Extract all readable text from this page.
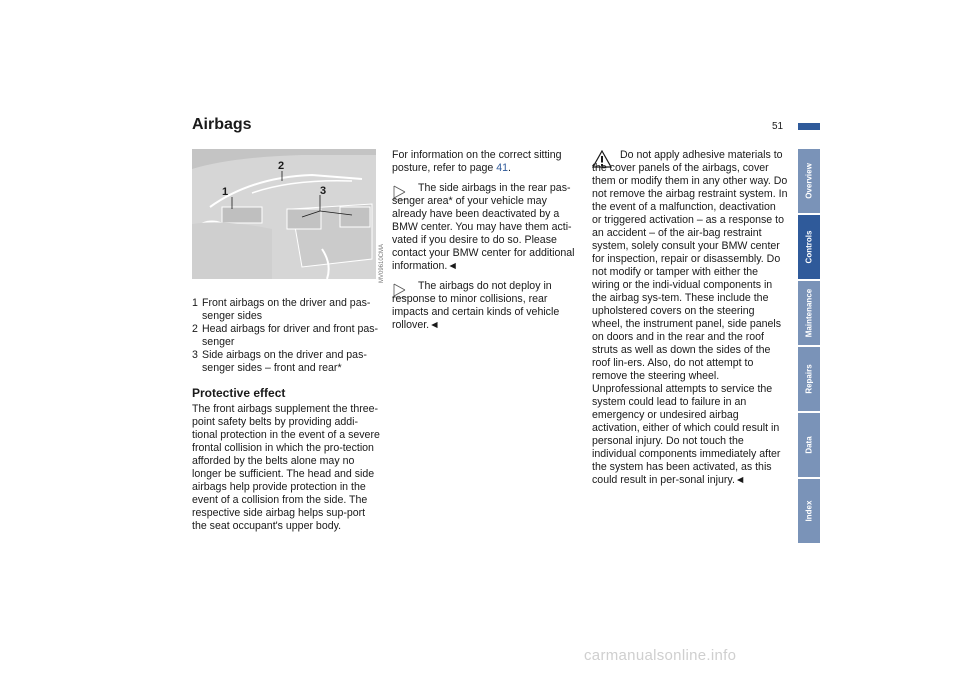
Airbags	51
1
2
3
MV09610CMA
1 Front airbags on the driver and pas-senger sides
2 Head airbags for driver and front pas-senger
3 Side airbags on the driver and pas-senger sides – front and rear*
Protective effect
The front airbags supplement the three-point safety belts by providing addi-tional protection in the event of a severe frontal collision in which the pro-tection afforded by the belts alone may no longer be sufficient. The head and side airbags help provide protection in the event of a collision from the side. The respective side airbag helps sup-port the seat occupant's upper body.
For information on the correct sitting posture, refer to page 41.
The side airbags in the rear pas-senger area* of your vehicle may already have been deactivated by a BMW center. You may have them acti-vated if you desire to do so. Please contact your BMW center for additional information.◄
The airbags do not deploy in response to minor collisions, rear impacts and certain kinds of vehicle rollover.◄
Do not apply adhesive materials to the cover panels of the airbags, cover them or modify them in any other way. Do not remove the airbag restraint system. In the event of a malfunction, deactivation or triggered activation – as a response to an accident – of the air-bag restraint system, solely consult your BMW center for inspection, repair or disassembly. Do not modify or tamper with either the wiring or the indi-vidual components in the airbag sys-tem. These include the upholstered covers on the steering wheel, the instrument panel, side panels on doors and in the rear and the roof struts as well as down the sides of the roof lin-ers. Also, do not attempt to remove the steering wheel. Unprofessional attempts to service the system could lead to failure in an emergency or undesired airbag activation, either of which could result in personal injury. Do not touch the individual components immediately after the system has been activated, as this could result in per-sonal injury.◄
Overview
Controls
Maintenance
Repairs
Data
Index
carmanualsonline.info
